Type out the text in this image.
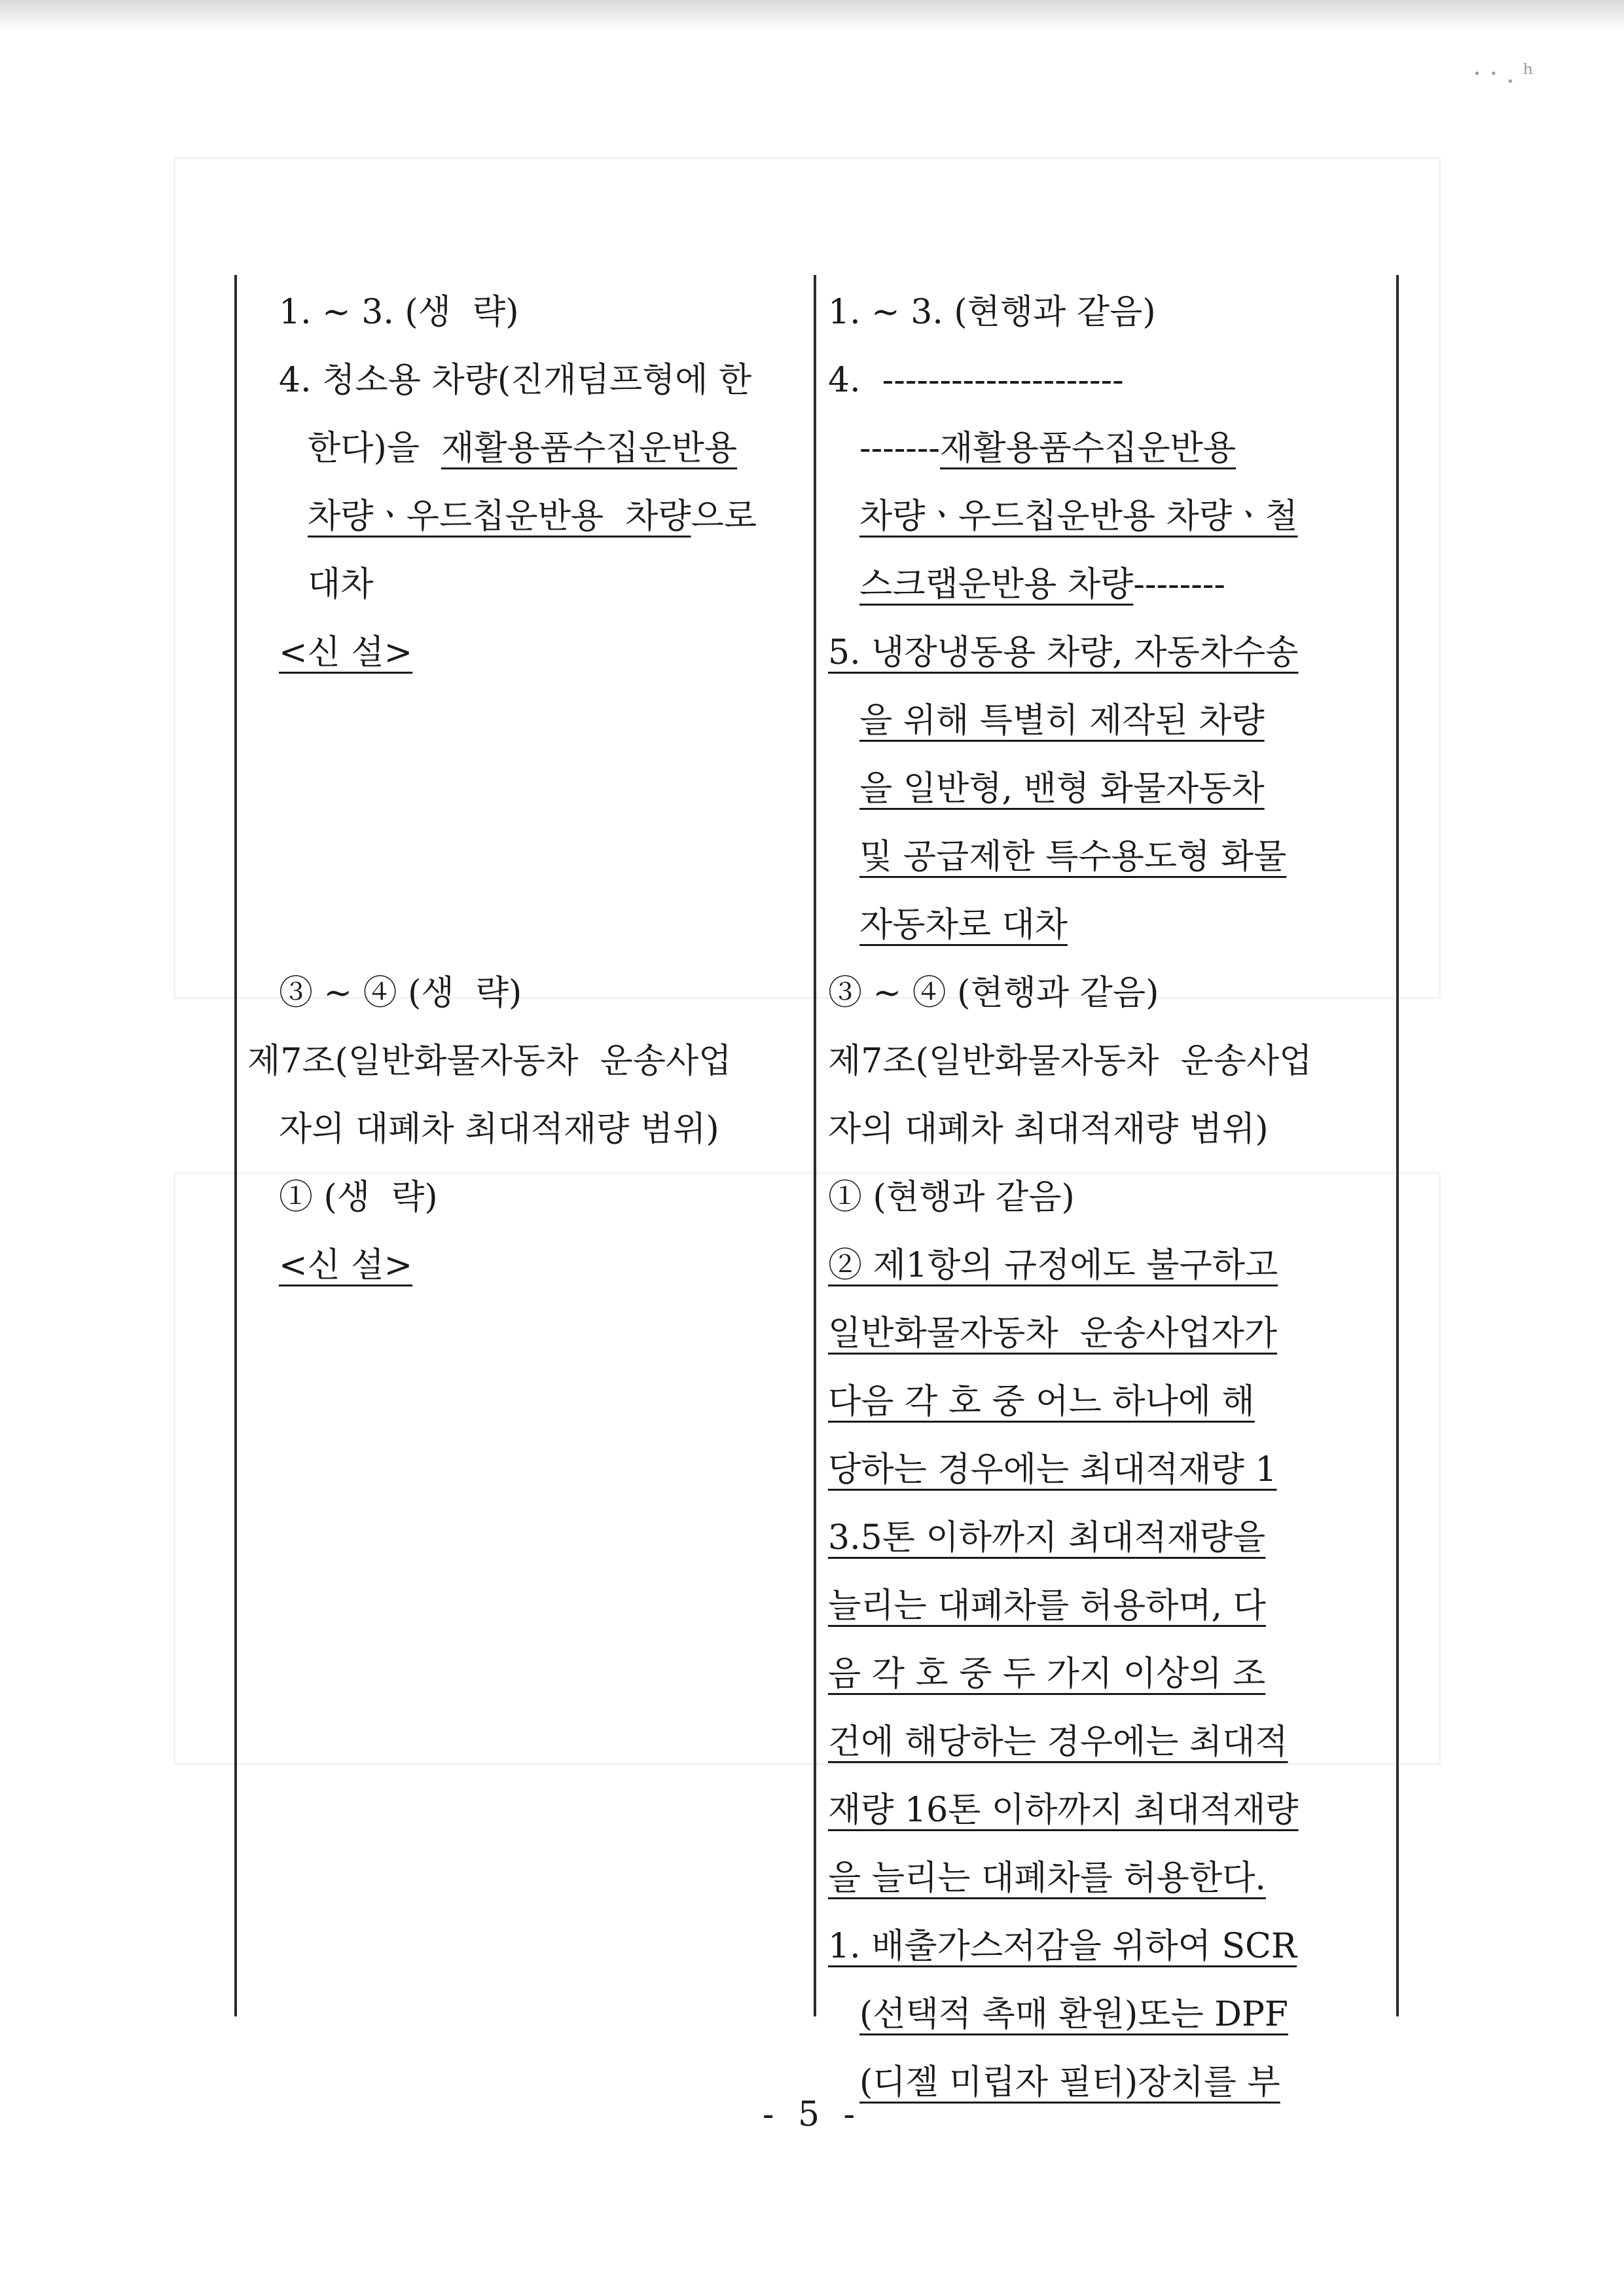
· · . ʰ
1. ~ 3. (생  략)
4. 청소용 차량(진개덤프형에 한
한다)을  재활용품수집운반용
차량ㆍ우드칩운반용  차량으로
대차
<신 설>
③ ~ ④ (생  략)
제7조(일반화물자동차  운송사업
자의 대폐차 최대적재량 범위)
① (생  략)
<신 설>
1. ~ 3. (현행과 같음)
4.  ---------------------
-------재활용품수집운반용
차량ㆍ우드칩운반용 차량ㆍ철
스크랩운반용 차량--------
5. 냉장냉동용 차량, 자동차수송
을 위해 특별히 제작된 차량
을 일반형, 밴형 화물자동차
및 공급제한 특수용도형 화물
자동차로 대차
③ ~ ④ (현행과 같음)
제7조(일반화물자동차  운송사업
자의 대폐차 최대적재량 범위)
① (현행과 같음)
② 제1항의 규정에도 불구하고
일반화물자동차  운송사업자가
다음 각 호 중 어느 하나에 해
당하는 경우에는 최대적재량 1
3.5톤 이하까지 최대적재량을
늘리는 대폐차를 허용하며, 다
음 각 호 중 두 가지 이상의 조
건에 해당하는 경우에는 최대적
재량 16톤 이하까지 최대적재량
을 늘리는 대폐차를 허용한다.
1. 배출가스저감을 위하여 SCR
(선택적 촉매 환원)또는 DPF
(디젤 미립자 필터)장치를 부
- 5 -
